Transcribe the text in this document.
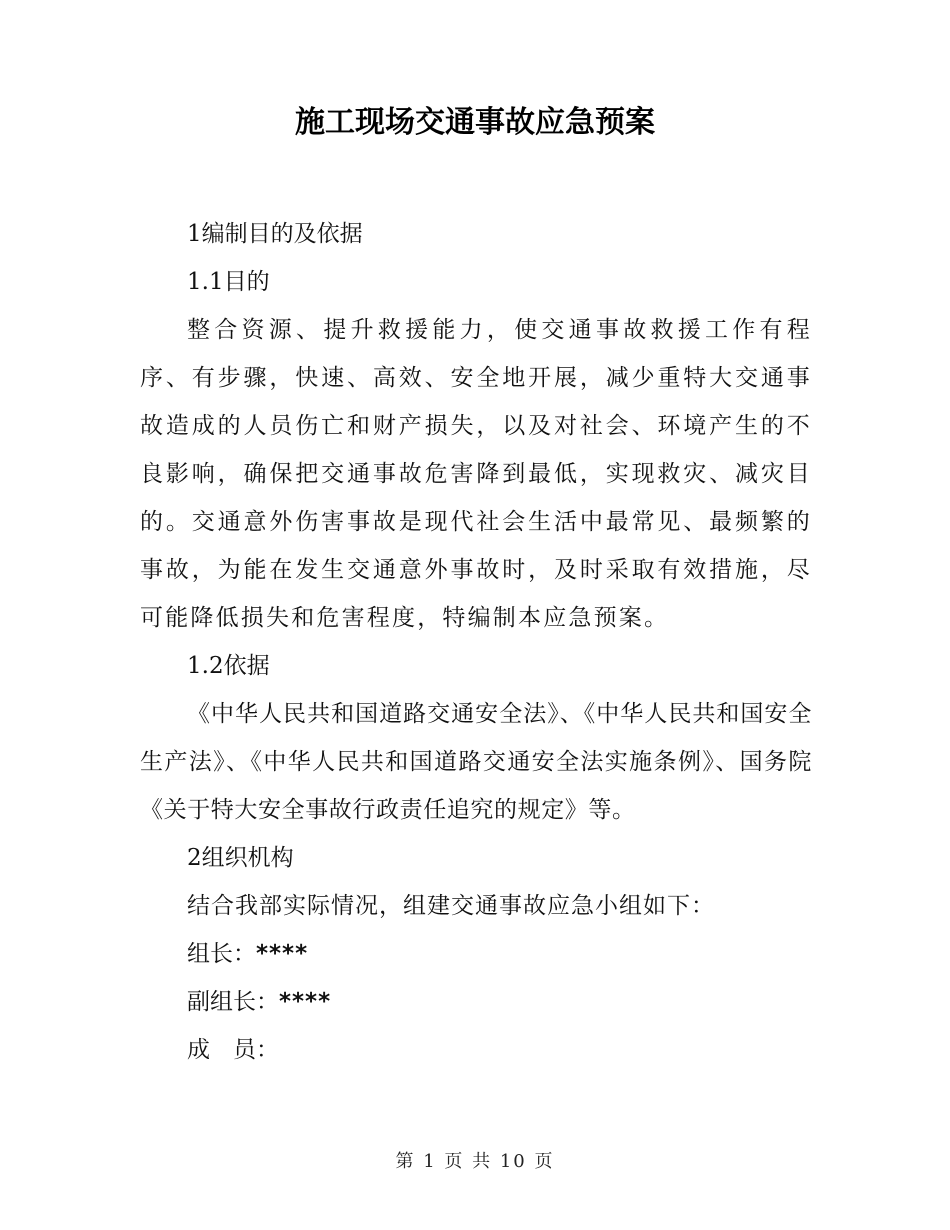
施工现场交通事故应急预案

1编制目的及依据

1.1目的

整合资源、提升救援能力，使交通事故救援工作有程序、有步骤，快速、高效、安全地开展，减少重特大交通事故造成的人员伤亡和财产损失，以及对社会、环境产生的不良影响，确保把交通事故危害降到最低，实现救灾、减灾目的。交通意外伤害事故是现代社会生活中最常见、最频繁的事故，为能在发生交通意外事故时，及时采取有效措施，尽可能降低损失和危害程度，特编制本应急预案。

1.2依据

《中华人民共和国道路交通安全法》、《中华人民共和国安全生产法》、《中华人民共和国道路交通安全法实施条例》、国务院《关于特大安全事故行政责任追究的规定》等。

2组织机构

结合我部实际情况，组建交通事故应急小组如下：

组长：****

副组长：****

成　员：

第 1 页 共 10 页
